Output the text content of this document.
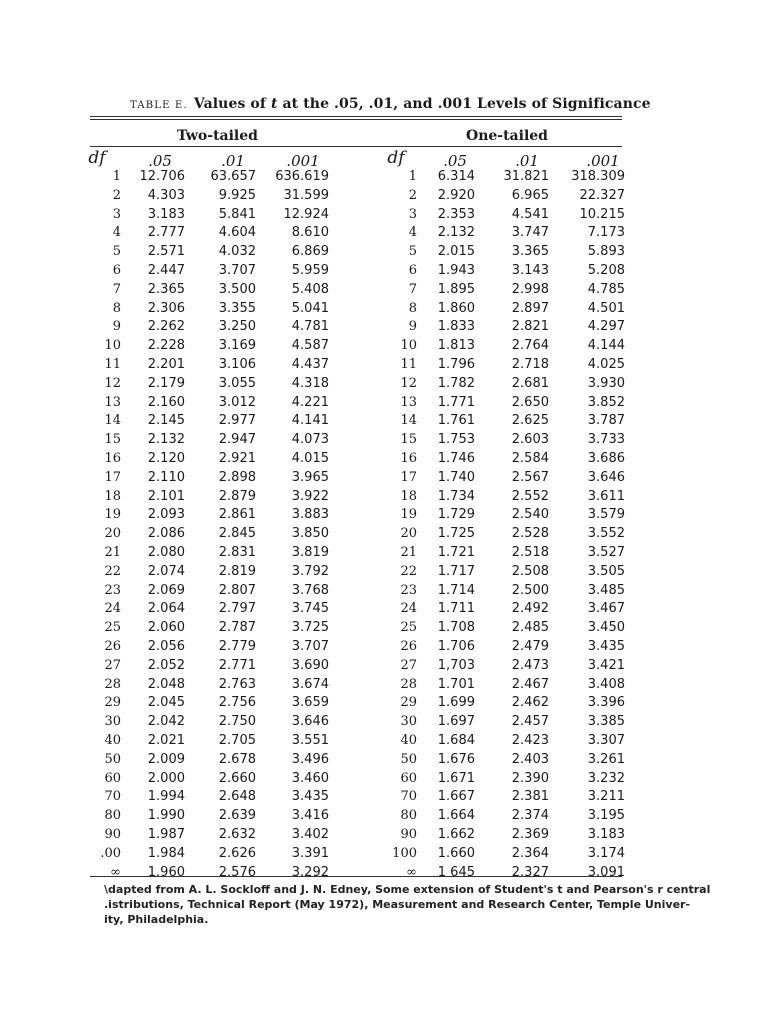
TABLE E. Values of t at the .05, .01, and .001 Levels of Significance
Two-tailed	One-tailed
df	.05	.01	.001	df	.05	.01	.001
1	12.706	63.657	636.619	1	6.314	31.821	318.309
2	4.303	9.925	31.599	2	2.920	6.965	22.327
3	3.183	5.841	12.924	3	2.353	4.541	10.215
4	2.777	4.604	8.610	4	2.132	3.747	7.173
5	2.571	4.032	6.869	5	2.015	3.365	5.893
6	2.447	3.707	5.959	6	1.943	3.143	5.208
7	2.365	3.500	5.408	7	1.895	2.998	4.785
8	2.306	3.355	5.041	8	1.860	2.897	4.501
9	2.262	3.250	4.781	9	1.833	2.821	4.297
10	2.228	3.169	4.587	10	1.813	2.764	4.144
11	2.201	3.106	4.437	11	1.796	2.718	4.025
12	2.179	3.055	4.318	12	1.782	2.681	3.930
13	2.160	3.012	4.221	13	1.771	2.650	3.852
14	2.145	2.977	4.141	14	1.761	2.625	3.787
15	2.132	2.947	4.073	15	1.753	2.603	3.733
16	2.120	2.921	4.015	16	1.746	2.584	3.686
17	2.110	2.898	3.965	17	1.740	2.567	3.646
18	2.101	2.879	3.922	18	1.734	2.552	3.611
19	2.093	2.861	3.883	19	1.729	2.540	3.579
20	2.086	2.845	3.850	20	1.725	2.528	3.552
21	2.080	2.831	3.819	21	1.721	2.518	3.527
22	2.074	2.819	3.792	22	1.717	2.508	3.505
23	2.069	2.807	3.768	23	1.714	2.500	3.485
24	2.064	2.797	3.745	24	1.711	2.492	3.467
25	2.060	2.787	3.725	25	1.708	2.485	3.450
26	2.056	2.779	3.707	26	1.706	2.479	3.435
27	2.052	2.771	3.690	27	1,703	2.473	3.421
28	2.048	2.763	3.674	28	1.701	2.467	3.408
29	2.045	2.756	3.659	29	1.699	2.462	3.396
30	2.042	2.750	3.646	30	1.697	2.457	3.385
40	2.021	2.705	3.551	40	1.684	2.423	3.307
50	2.009	2.678	3.496	50	1.676	2.403	3.261
60	2.000	2.660	3.460	60	1.671	2.390	3.232
70	1.994	2.648	3.435	70	1.667	2.381	3.211
80	1.990	2.639	3.416	80	1.664	2.374	3.195
90	1.987	2.632	3.402	90	1.662	2.369	3.183
.00	1.984	2.626	3.391	100	1.660	2.364	3.174
∞	1.960	2.576	3.292	∞	1 645	2.327	3.091
\dapted from A. L. Sockloff and J. N. Edney, Some extension of Student's t and Pearson's r central
.istributions, Technical Report (May 1972), Measurement and Research Center, Temple Univer-
ity, Philadelphia.
